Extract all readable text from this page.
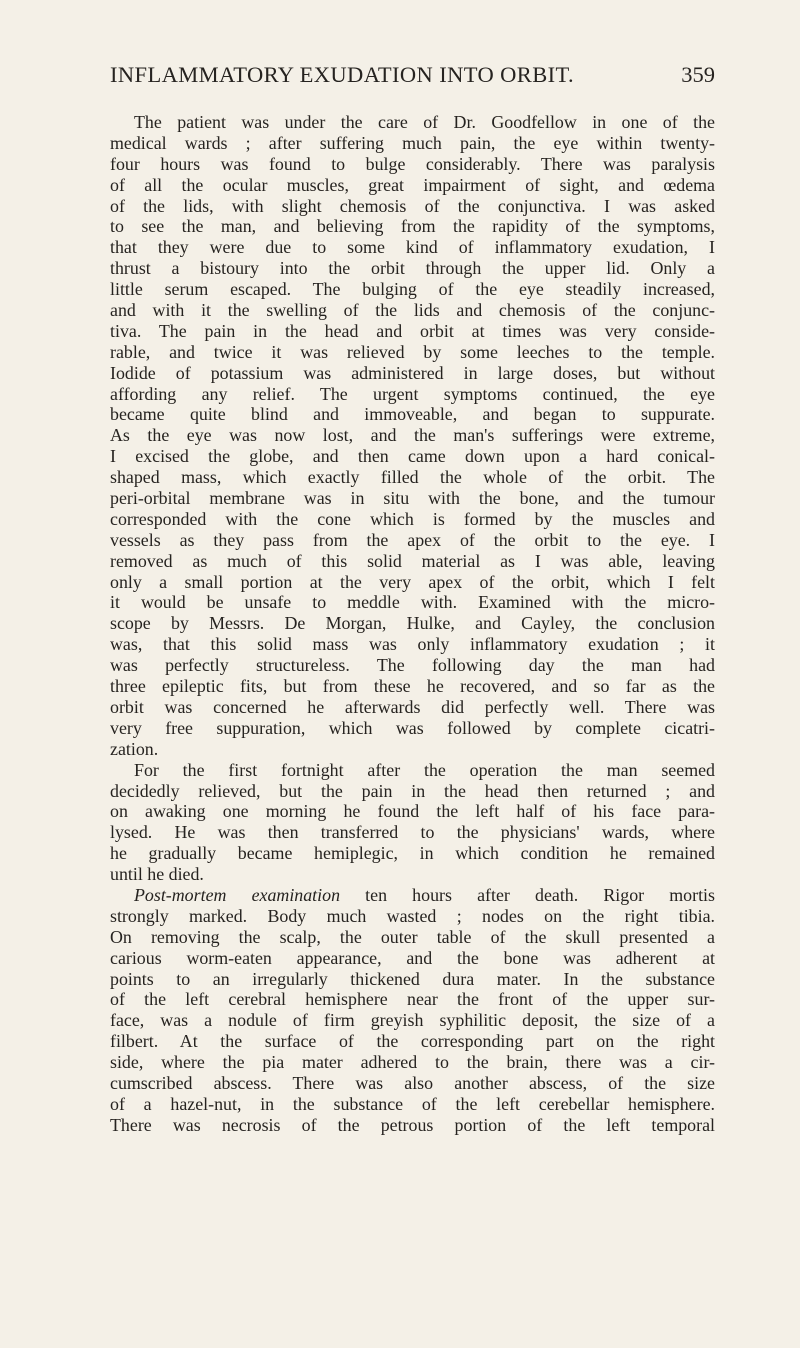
INFLAMMATORY EXUDATION INTO ORBIT.	359
The patient was under the care of Dr. Goodfellow in one of the
medical wards ; after suffering much pain, the eye within twenty-
four hours was found to bulge considerably. There was paralysis
of all the ocular muscles, great impairment of sight, and œdema
of the lids, with slight chemosis of the conjunctiva. I was asked
to see the man, and believing from the rapidity of the symptoms,
that they were due to some kind of inflammatory exudation, I
thrust a bistoury into the orbit through the upper lid. Only a
little serum escaped. The bulging of the eye steadily increased,
and with it the swelling of the lids and chemosis of the conjunc-
tiva. The pain in the head and orbit at times was very conside-
rable, and twice it was relieved by some leeches to the temple.
Iodide of potassium was administered in large doses, but without
affording any relief. The urgent symptoms continued, the eye
became quite blind and immoveable, and began to suppurate.
As the eye was now lost, and the man's sufferings were extreme,
I excised the globe, and then came down upon a hard conical-
shaped mass, which exactly filled the whole of the orbit. The
peri-orbital membrane was in situ with the bone, and the tumour
corresponded with the cone which is formed by the muscles and
vessels as they pass from the apex of the orbit to the eye. I
removed as much of this solid material as I was able, leaving
only a small portion at the very apex of the orbit, which I felt
it would be unsafe to meddle with. Examined with the micro-
scope by Messrs. De Morgan, Hulke, and Cayley, the conclusion
was, that this solid mass was only inflammatory exudation ; it
was perfectly structureless. The following day the man had
three epileptic fits, but from these he recovered, and so far as the
orbit was concerned he afterwards did perfectly well. There was
very free suppuration, which was followed by complete cicatri-
zation.
For the first fortnight after the operation the man seemed
decidedly relieved, but the pain in the head then returned ; and
on awaking one morning he found the left half of his face para-
lysed. He was then transferred to the physicians' wards, where
he gradually became hemiplegic, in which condition he remained
until he died.
Post-mortem examination ten hours after death. Rigor mortis
strongly marked. Body much wasted ; nodes on the right tibia.
On removing the scalp, the outer table of the skull presented a
carious worm-eaten appearance, and the bone was adherent at
points to an irregularly thickened dura mater. In the substance
of the left cerebral hemisphere near the front of the upper sur-
face, was a nodule of firm greyish syphilitic deposit, the size of a
filbert. At the surface of the corresponding part on the right
side, where the pia mater adhered to the brain, there was a cir-
cumscribed abscess. There was also another abscess, of the size
of a hazel-nut, in the substance of the left cerebellar hemisphere.
There was necrosis of the petrous portion of the left temporal
